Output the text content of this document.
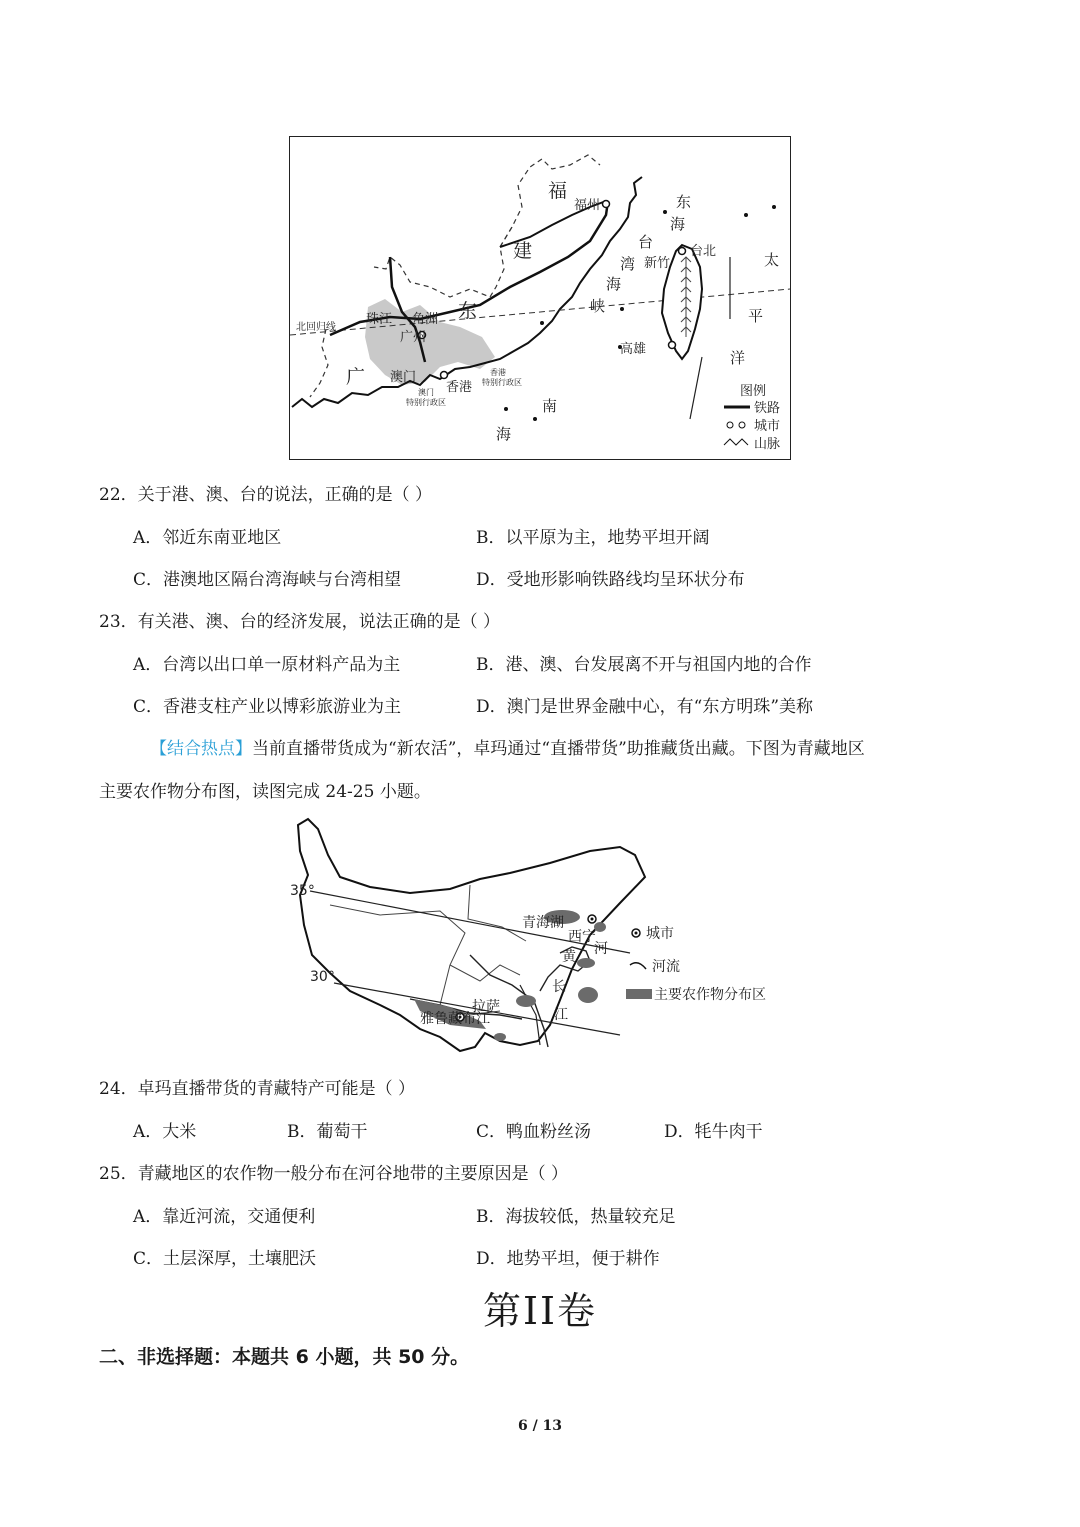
福
建
福州
东
广
珠江 角洲
广州
北回归线
澳门
香港
香港
特别行政区
澳门
特别行政区
台
湾
海
峡
东
海
新竹
台北
高雄
太
平
洋
南
海
图例
铁路
城市
山脉
22．关于港、澳、台的说法，正确的是（ ）
A．邻近东南亚地区	B．以平原为主，地势平坦开阔
C．港澳地区隔台湾海峡与台湾相望	D．受地形影响铁路线均呈环状分布
23．有关港、澳、台的经济发展，说法正确的是（ ）
A．台湾以出口单一原材料产品为主	B．港、澳、台发展离不开与祖国内地的合作
C．香港支柱产业以博彩旅游业为主	D．澳门是世界金融中心，有“东方明珠”美称
【结合热点】当前直播带货成为“新农活”，卓玛通过“直播带货”助推藏货出藏。下图为青藏地区
主要农作物分布图，读图完成 24-25 小题。
35°
30°
青海湖
西宁
河
黄
长
江
拉萨
雅鲁藏布江
城市
河流
主要农作物分布区
24．卓玛直播带货的青藏特产可能是（ ）
A．大米	B．葡萄干	C．鸭血粉丝汤	D．牦牛肉干
25．青藏地区的农作物一般分布在河谷地带的主要原因是（ ）
A．靠近河流，交通便利	B．海拔较低，热量较充足
C．土层深厚，土壤肥沃	D．地势平坦，便于耕作
第II卷
二、非选择题：本题共 6 小题，共 50 分。
6 / 13
